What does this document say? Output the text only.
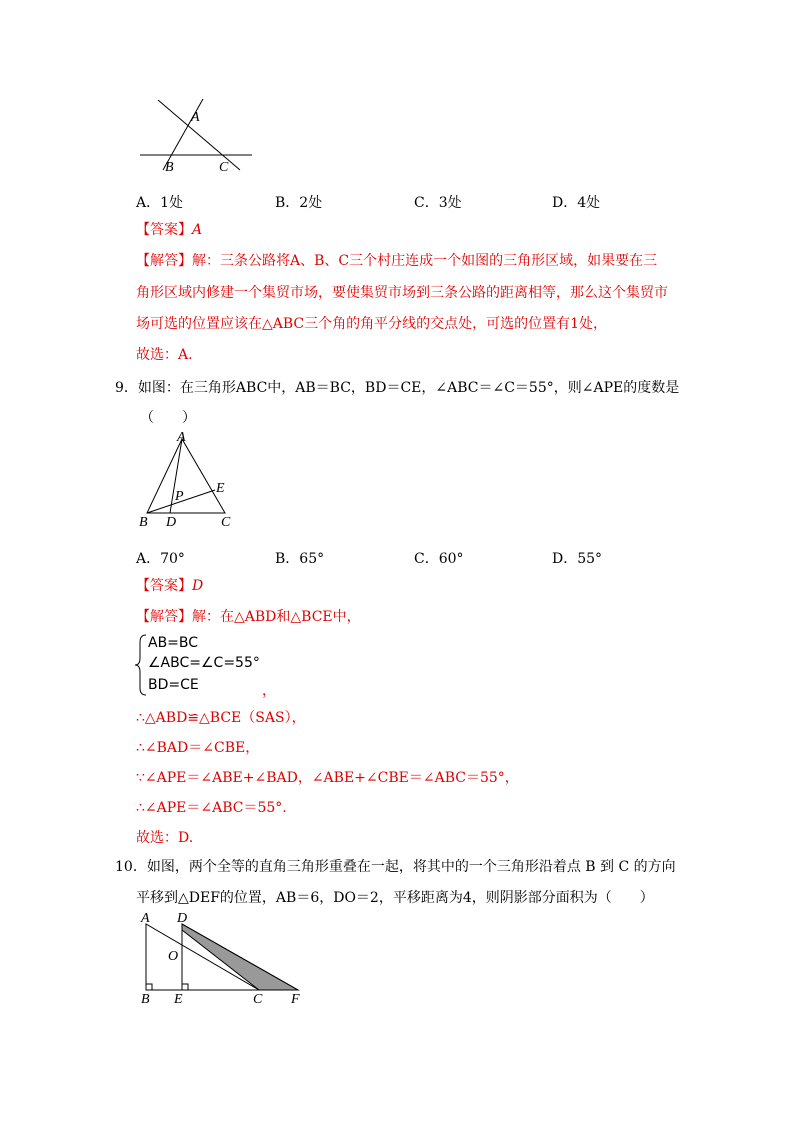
A
B	C
A．1处	B．2处	C．3处	D．4处
【答案】A
【解答】解：三条公路将A、B、C三个村庄连成一个如图的三角形区域，如果要在三
角形区域内修建一个集贸市场，要使集贸市场到三条公路的距离相等，那么这个集贸市
场可选的位置应该在△ABC三个角的角平分线的交点处，可选的位置有1处，
故选：A.
9．如图：在三角形ABC中，AB＝BC，BD＝CE，∠ABC＝∠C＝55°，则∠APE的度数是
（　　）
A
P
E
B D	C
A．70°	B．65°	C．60°	D．55°
【答案】D
【解答】解：在△ABD和△BCE中，
AB=BC
∠ABC=∠C=55°
BD=CE	，
∴△ABD≌△BCE（SAS），
∴∠BAD＝∠CBE，
∵∠APE＝∠ABE+∠BAD，∠ABE+∠CBE＝∠ABC＝55°，
∴∠APE＝∠ABC＝55°.
故选：D.
10．如图，两个全等的直角三角形重叠在一起，将其中的一个三角形沿着点 B 到 C 的方向
平移到△DEF的位置，AB＝6，DO＝2，平移距离为4，则阴影部分面积为（　　）
A D
O
B E	C F
